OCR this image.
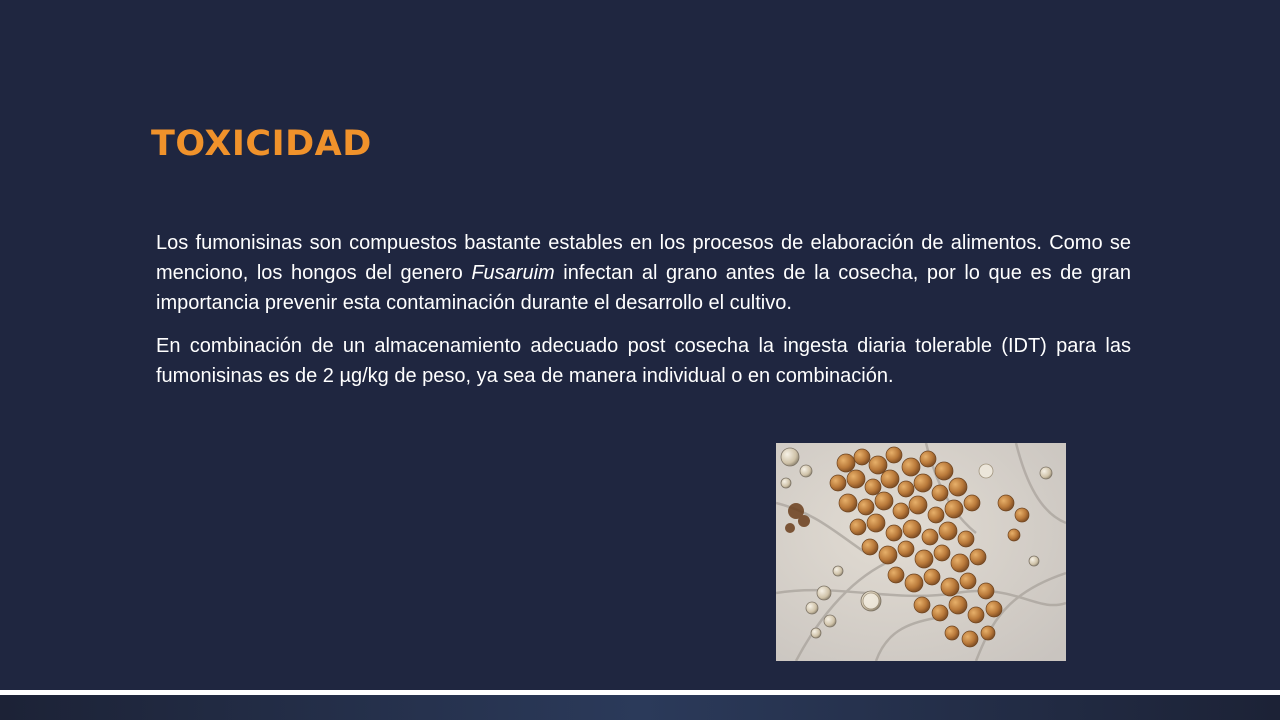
TOXICIDAD

Los fumonisinas son compuestos bastante estables en los procesos de elaboración de alimentos. Como se menciono, los hongos del genero Fusaruim infectan al grano antes de la cosecha, por lo que es de gran importancia prevenir esta contaminación durante el desarrollo el cultivo.

En combinación de un almacenamiento adecuado post cosecha la ingesta diaria tolerable (IDT) para las fumonisinas es de 2 µg/kg de peso, ya sea de manera individual o en combinación.
